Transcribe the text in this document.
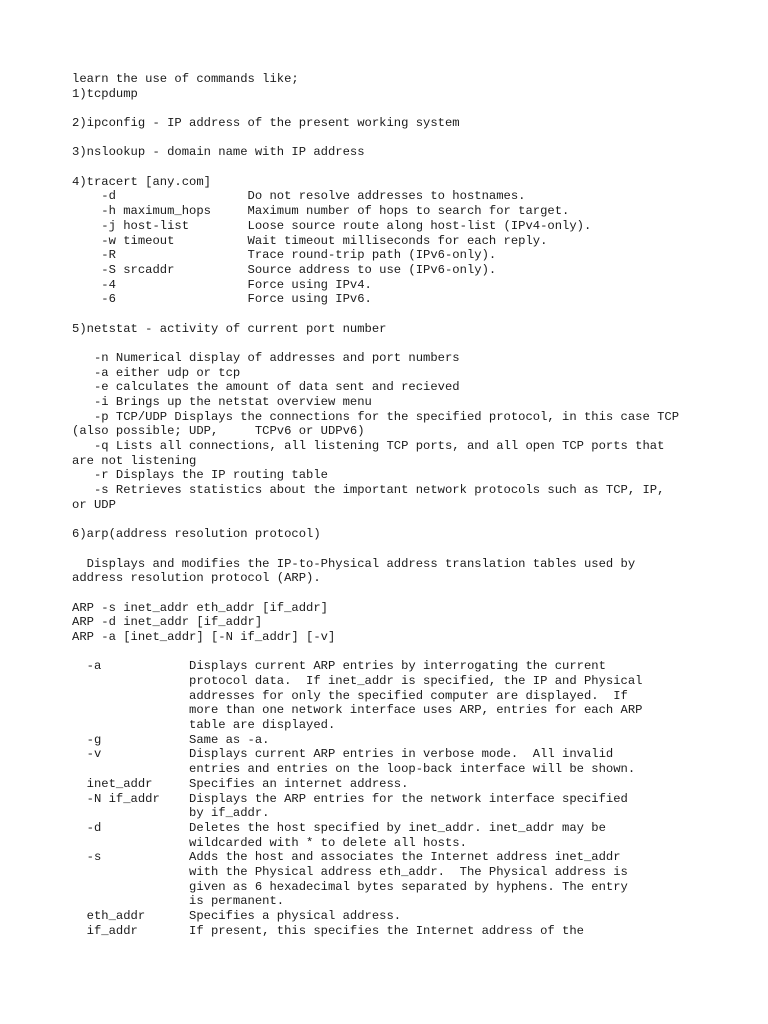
learn the use of commands like;
1)tcpdump
2)ipconfig - IP address of the present working system
3)nslookup - domain name with IP address
4)tracert [any.com]
-d                  Do not resolve addresses to hostnames.
-h maximum_hops     Maximum number of hops to search for target.
-j host-list        Loose source route along host-list (IPv4-only).
-w timeout          Wait timeout milliseconds for each reply.
-R                  Trace round-trip path (IPv6-only).
-S srcaddr          Source address to use (IPv6-only).
-4                  Force using IPv4.
-6                  Force using IPv6.
5)netstat - activity of current port number
-n Numerical display of addresses and port numbers
-a either udp or tcp
-e calculates the amount of data sent and recieved
-i Brings up the netstat overview menu
-p TCP/UDP Displays the connections for the specified protocol, in this case TCP
(also possible; UDP,     TCPv6 or UDPv6)
-q Lists all connections, all listening TCP ports, and all open TCP ports that
are not listening
-r Displays the IP routing table
-s Retrieves statistics about the important network protocols such as TCP, IP,
or UDP
6)arp(address resolution protocol)
Displays and modifies the IP-to-Physical address translation tables used by
address resolution protocol (ARP).
ARP -s inet_addr eth_addr [if_addr]
ARP -d inet_addr [if_addr]
ARP -a [inet_addr] [-N if_addr] [-v]
-a            Displays current ARP entries by interrogating the current
protocol data.  If inet_addr is specified, the IP and Physical
addresses for only the specified computer are displayed.  If
more than one network interface uses ARP, entries for each ARP
table are displayed.
-g            Same as -a.
-v            Displays current ARP entries in verbose mode.  All invalid
entries and entries on the loop-back interface will be shown.
inet_addr     Specifies an internet address.
-N if_addr    Displays the ARP entries for the network interface specified
by if_addr.
-d            Deletes the host specified by inet_addr. inet_addr may be
wildcarded with * to delete all hosts.
-s            Adds the host and associates the Internet address inet_addr
with the Physical address eth_addr.  The Physical address is
given as 6 hexadecimal bytes separated by hyphens. The entry
is permanent.
eth_addr      Specifies a physical address.
if_addr       If present, this specifies the Internet address of the
